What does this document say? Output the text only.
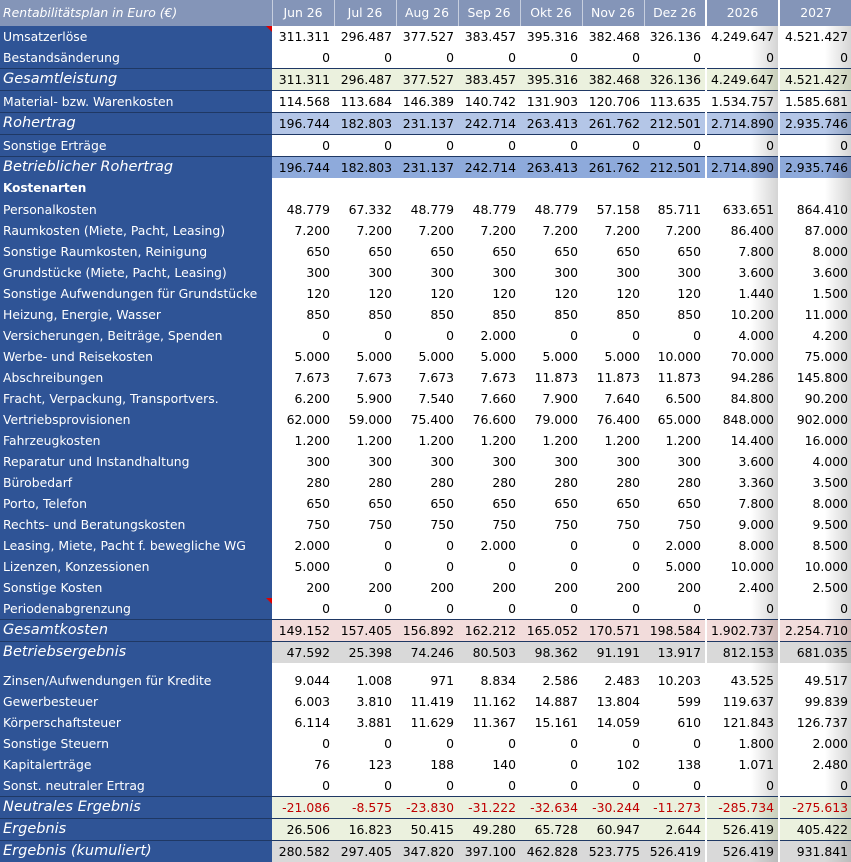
Rentabilitätsplan in Euro (€)	Jun 26	Jul 26	Aug 26	Sep 26	Okt 26	Nov 26	Dez 26	2026	2027
Umsatzerlöse	311.311	296.487	377.527	383.457	395.316	382.468	326.136	4.249.647	4.521.427
Bestandsänderung	0	0	0	0	0	0	0	0	0
Gesamtleistung	311.311	296.487	377.527	383.457	395.316	382.468	326.136	4.249.647	4.521.427
Material- bzw. Warenkosten	114.568	113.684	146.389	140.742	131.903	120.706	113.635	1.534.757	1.585.681
Rohertrag	196.744	182.803	231.137	242.714	263.413	261.762	212.501	2.714.890	2.935.746
Sonstige Erträge	0	0	0	0	0	0	0	0	0
Betrieblicher Rohertrag	196.744	182.803	231.137	242.714	263.413	261.762	212.501	2.714.890	2.935.746
Kostenarten									
Personalkosten	48.779	67.332	48.779	48.779	48.779	57.158	85.711	633.651	864.410
Raumkosten (Miete, Pacht, Leasing)	7.200	7.200	7.200	7.200	7.200	7.200	7.200	86.400	87.000
Sonstige Raumkosten, Reinigung	650	650	650	650	650	650	650	7.800	8.000
Grundstücke (Miete, Pacht, Leasing)	300	300	300	300	300	300	300	3.600	3.600
Sonstige Aufwendungen für Grundstücke	120	120	120	120	120	120	120	1.440	1.500
Heizung, Energie, Wasser	850	850	850	850	850	850	850	10.200	11.000
Versicherungen, Beiträge, Spenden	0	0	0	2.000	0	0	0	4.000	4.200
Werbe- und Reisekosten	5.000	5.000	5.000	5.000	5.000	5.000	10.000	70.000	75.000
Abschreibungen	7.673	7.673	7.673	7.673	11.873	11.873	11.873	94.286	145.800
Fracht, Verpackung, Transportvers.	6.200	5.900	7.540	7.660	7.900	7.640	6.500	84.800	90.200
Vertriebsprovisionen	62.000	59.000	75.400	76.600	79.000	76.400	65.000	848.000	902.000
Fahrzeugkosten	1.200	1.200	1.200	1.200	1.200	1.200	1.200	14.400	16.000
Reparatur und Instandhaltung	300	300	300	300	300	300	300	3.600	4.000
Bürobedarf	280	280	280	280	280	280	280	3.360	3.500
Porto, Telefon	650	650	650	650	650	650	650	7.800	8.000
Rechts- und Beratungskosten	750	750	750	750	750	750	750	9.000	9.500
Leasing, Miete, Pacht f. bewegliche WG	2.000	0	0	2.000	0	0	2.000	8.000	8.500
Lizenzen, Konzessionen	5.000	0	0	0	0	0	5.000	10.000	10.000
Sonstige Kosten	200	200	200	200	200	200	200	2.400	2.500
Periodenabgrenzung	0	0	0	0	0	0	0	0	0
Gesamtkosten	149.152	157.405	156.892	162.212	165.052	170.571	198.584	1.902.737	2.254.710
Betriebsergebnis	47.592	25.398	74.246	80.503	98.362	91.191	13.917	812.153	681.035

Zinsen/Aufwendungen für Kredite	9.044	1.008	971	8.834	2.586	2.483	10.203	43.525	49.517
Gewerbesteuer	6.003	3.810	11.419	11.162	14.887	13.804	599	119.637	99.839
Körperschaftsteuer	6.114	3.881	11.629	11.367	15.161	14.059	610	121.843	126.737
Sonstige Steuern	0	0	0	0	0	0	0	1.800	2.000
Kapitalerträge	76	123	188	140	0	102	138	1.071	2.480
Sonst. neutraler Ertrag	0	0	0	0	0	0	0	0	0
Neutrales Ergebnis	-21.086	-8.575	-23.830	-31.222	-32.634	-30.244	-11.273	-285.734	-275.613
Ergebnis	26.506	16.823	50.415	49.280	65.728	60.947	2.644	526.419	405.422
Ergebnis (kumuliert)	280.582	297.405	347.820	397.100	462.828	523.775	526.419	526.419	931.841
